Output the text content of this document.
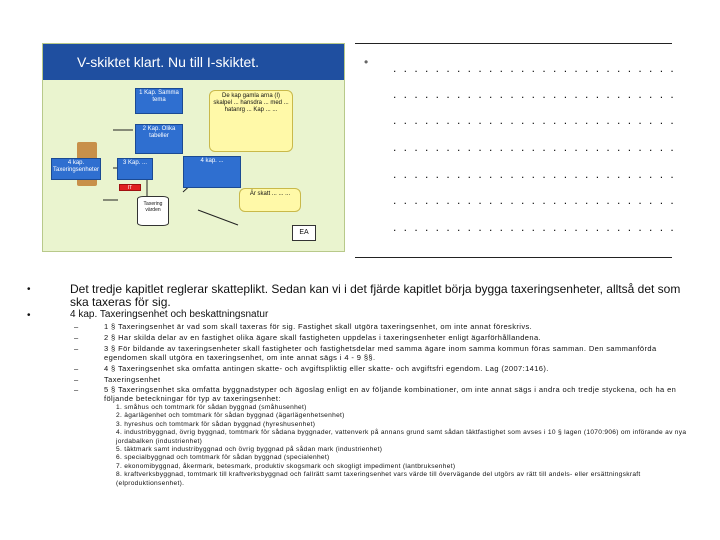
V-skiktet klart. Nu till I-skiktet.
1 Kap. Samma tema
2 Kap. Olika tabeller
De kap gamla arna (I) skalpel ... hansdra ... med ... hatanrg ... Kap ... ...
4 kap. Taxeringsenheter
3 Kap. ...	4 kap. ...
IT
Taxering värden
Är skatt ... ... ...
EA
• . . . . . . . . . . . . . . . . . . . . . . . . . . .
. . . . . . . . . . . . . . . . . . . . . . . . . . .
. . . . . . . . . . . . . . . . . . . . . . . . . . .
. . . . . . . . . . . . . . . . . . . . . . . . . . .
. . . . . . . . . . . . . . . . . . . . . . . . . . .
. . . . . . . . . . . . . . . . . . . . . . . . . . .
. . . . . . . . . . . . . . . . . . . . . . . . . . .
•	Det tredje kapitlet reglerar skatteplikt. Sedan kan vi i det fjärde kapitlet börja bygga taxeringsenheter, alltså det som ska taxeras för sig.
•	4 kap. Taxeringsenhet och beskattningsnatur
–	1 § Taxeringsenhet är vad som skall taxeras för sig. Fastighet skall utgöra taxeringsenhet, om inte annat föreskrivs.
–	2 § Har skilda delar av en fastighet olika ägare skall fastigheten uppdelas i taxeringsenheter enligt ägarförhållandena.
–	3 § För bildande av taxeringsenheter skall fastigheter och fastighetsdelar med samma ägare inom samma kommun föras samman. Den sammanförda egendomen skall utgöra en taxeringsenhet, om inte annat sägs i 4 - 9 §§.
–	4 § Taxeringsenhet ska omfatta antingen skatte- och avgiftspliktig eller skatte- och avgiftsfri egendom. Lag (2007:1416).
–	Taxeringsenhet
–	5 § Taxeringsenhet ska omfatta byggnadstyper och ägoslag enligt en av följande kombinationer, om inte annat sägs i andra och tredje styckena, och ha en följande beteckningar för typ av taxeringsenhet:
1. småhus och tomtmark för sådan byggnad (småhusenhet)
2. ägarlägenhet och tomtmark för sådan byggnad (ägarlägenhetsenhet)
3. hyreshus och tomtmark för sådan byggnad (hyreshusenhet)
4. industribyggnad, övrig byggnad, tomtmark för sådana byggnader, vattenverk på annans grund samt sådan täktfastighet som avses i 10 § lagen (1070:906) om införande av nya jordabalken (industrienhet)
5. täktmark samt industribyggnad och övrig byggnad på sådan mark (industrienhet)
6. specialbyggnad och tomtmark för sådan byggnad (specialenhet)
7. ekonomibyggnad, åkermark, betesmark, produktiv skogsmark och skogligt impediment (lantbruksenhet)
8. kraftverksbyggnad, tomtmark till kraftverksbyggnad och fallrätt samt taxeringsenhet vars värde till övervägande del utgörs av rätt till andels- eller ersättningskraft (elproduktionsenhet).
